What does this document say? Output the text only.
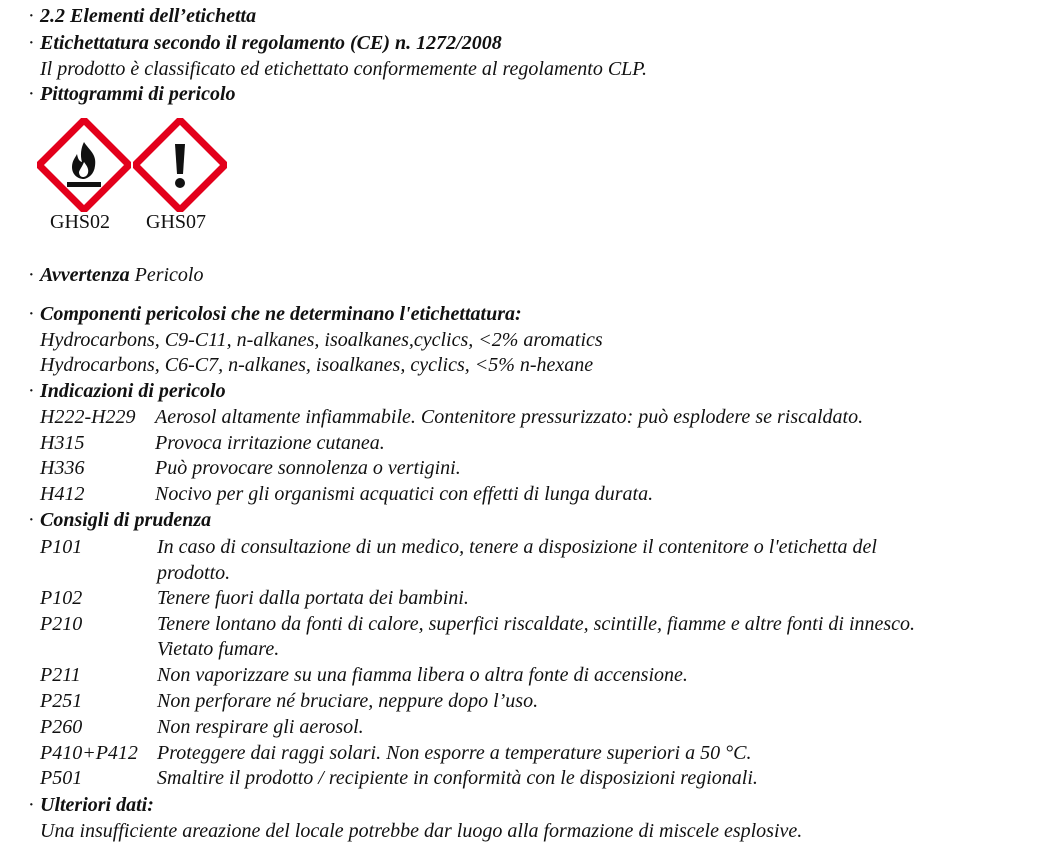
· 2.2 Elementi dell’etichetta
· Etichettatura secondo il regolamento (CE) n. 1272/2008
Il prodotto è classificato ed etichettato conformemente al regolamento CLP.
· Pittogrammi di pericolo
GHS02 GHS07
· Avvertenza Pericolo
· Componenti pericolosi che ne determinano l'etichettatura:
Hydrocarbons, C9-C11, n-alkanes, isoalkanes,cyclics, <2% aromatics
Hydrocarbons, C6-C7, n-alkanes, isoalkanes, cyclics, <5% n-hexane
· Indicazioni di pericolo
H222-H229 Aerosol altamente infiammabile. Contenitore pressurizzato: può esplodere se riscaldato.
H315	Provoca irritazione cutanea.
H336	Può provocare sonnolenza o vertigini.
H412	Nocivo per gli organismi acquatici con effetti di lunga durata.
· Consigli di prudenza
P101	In caso di consultazione di un medico, tenere a disposizione il contenitore o l'etichetta del
prodotto.
P102	Tenere fuori dalla portata dei bambini.
P210	Tenere lontano da fonti di calore, superfici riscaldate, scintille, fiamme e altre fonti di innesco.
Vietato fumare.
P211	Non vaporizzare su una fiamma libera o altra fonte di accensione.
P251	Non perforare né bruciare, neppure dopo l’uso.
P260	Non respirare gli aerosol.
P410+P412 Proteggere dai raggi solari. Non esporre a temperature superiori a 50 °C.
P501	Smaltire il prodotto / recipiente in conformità con le disposizioni regionali.
· Ulteriori dati:
Una insufficiente areazione del locale potrebbe dar luogo alla formazione di miscele esplosive.
